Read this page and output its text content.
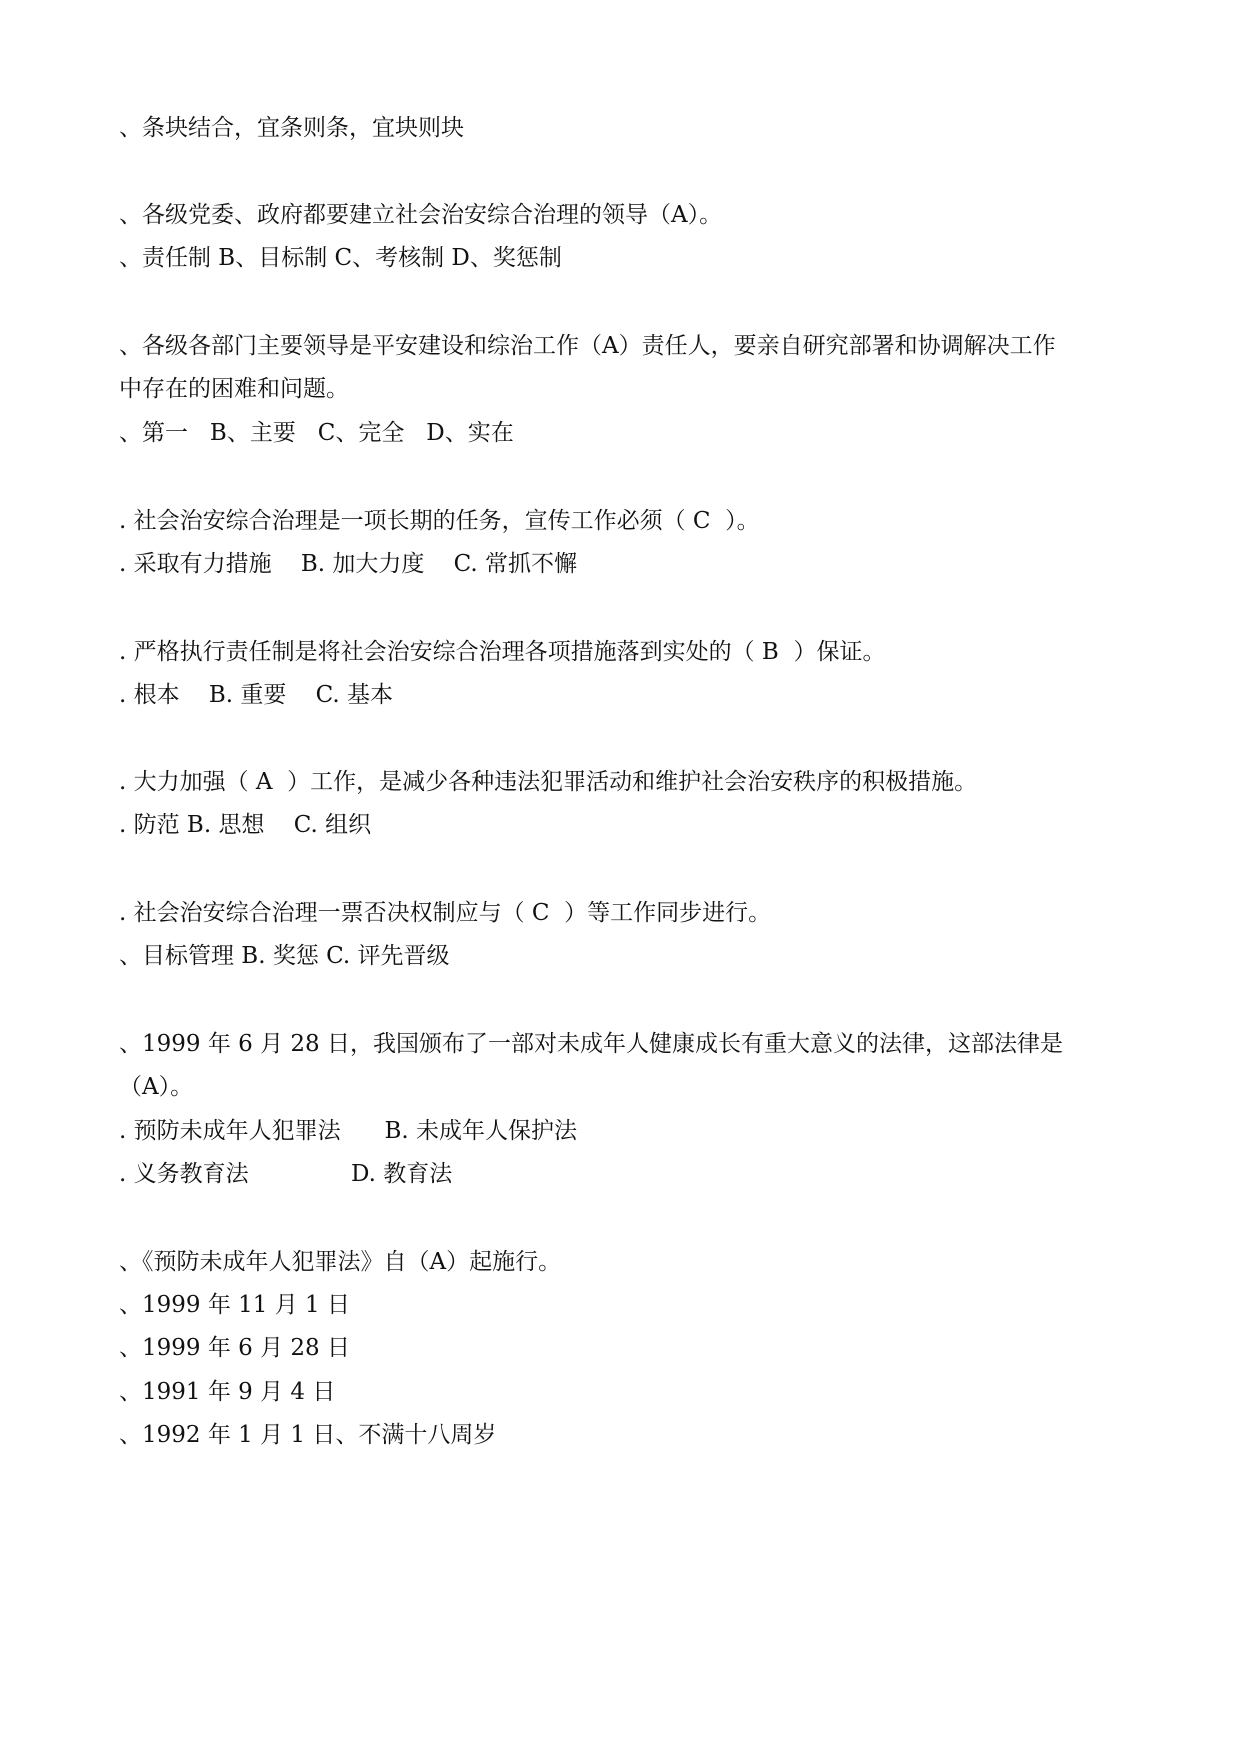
、条块结合，宜条则条，宜块则块

、各级党委、政府都要建立社会治安综合治理的领导（A）。

、责任制 B、目标制 C、考核制 D、奖惩制

、各级各部门主要领导是平安建设和综治工作（A）责任人，要亲自研究部署和协调解决工作

中存在的困难和问题。

、第一   B、主要   C、完全   D、实在

. 社会治安综合治理是一项长期的任务，宣传工作必须（ C  ）。

. 采取有力措施    B. 加大力度    C. 常抓不懈

. 严格执行责任制是将社会治安综合治理各项措施落到实处的（ B  ）保证。

. 根本    B. 重要    C. 基本

. 大力加强（ A  ）工作，是减少各种违法犯罪活动和维护社会治安秩序的积极措施。

. 防范 B. 思想    C. 组织

. 社会治安综合治理一票否决权制应与（ C  ）等工作同步进行。

、目标管理 B. 奖惩 C. 评先晋级

、1999 年 6 月 28 日，我国颁布了一部对未成年人健康成长有重大意义的法律，这部法律是

（A）。

. 预防未成年人犯罪法      B. 未成年人保护法

. 义务教育法              D. 教育法

、《预防未成年人犯罪法》自（A）起施行。

、1999 年 11 月 1 日

、1999 年 6 月 28 日

、1991 年 9 月 4 日

、1992 年 1 月 1 日、不满十八周岁
